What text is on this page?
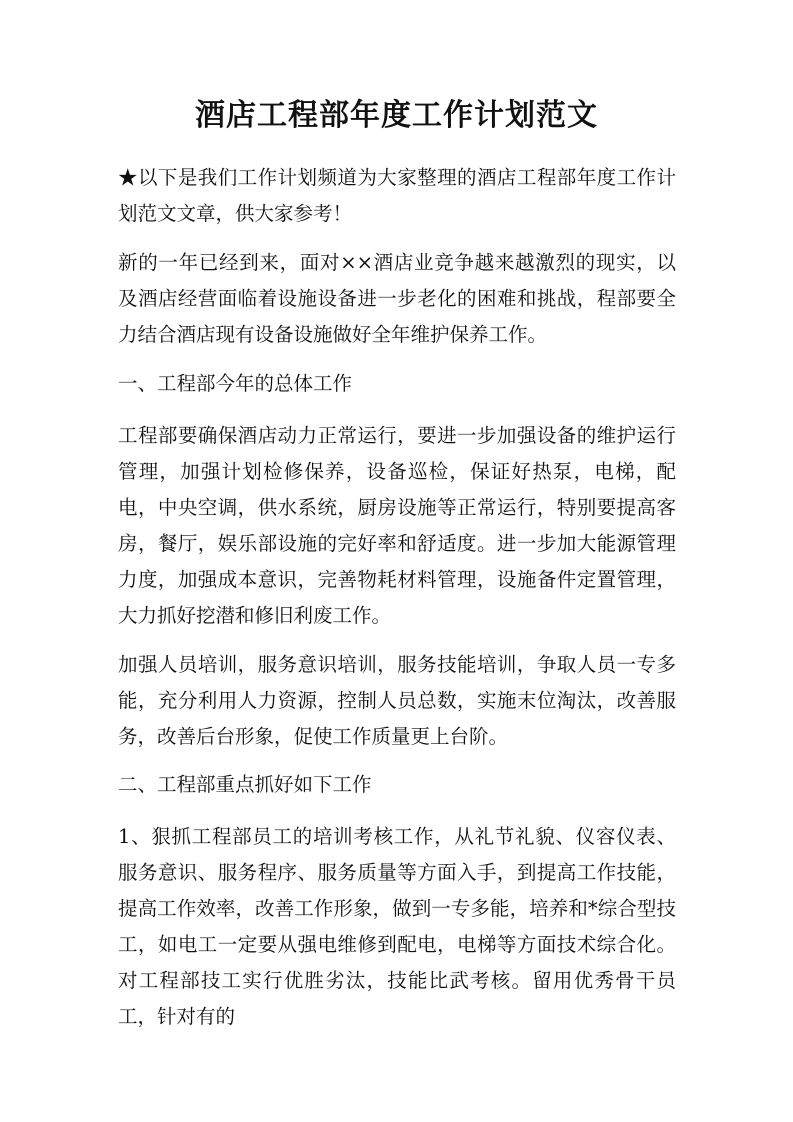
酒店工程部年度工作计划范文

★以下是我们工作计划频道为大家整理的酒店工程部年度工作计划范文文章，供大家参考！

新的一年已经到来，面对××酒店业竞争越来越激烈的现实，以及酒店经营面临着设施设备进一步老化的困难和挑战，程部要全力结合酒店现有设备设施做好全年维护保养工作。

一、工程部今年的总体工作

工程部要确保酒店动力正常运行，要进一步加强设备的维护运行管理，加强计划检修保养，设备巡检，保证好热泵，电梯，配电，中央空调，供水系统，厨房设施等正常运行，特别要提高客房，餐厅，娱乐部设施的完好率和舒适度。进一步加大能源管理力度，加强成本意识，完善物耗材料管理，设施备件定置管理，大力抓好挖潜和修旧利废工作。

加强人员培训，服务意识培训，服务技能培训，争取人员一专多能，充分利用人力资源，控制人员总数，实施末位淘汰，改善服务，改善后台形象，促使工作质量更上台阶。

二、工程部重点抓好如下工作

1、狠抓工程部员工的培训考核工作，从礼节礼貌、仪容仪表、服务意识、服务程序、服务质量等方面入手，到提高工作技能，提高工作效率，改善工作形象，做到一专多能，培养和*综合型技工，如电工一定要从强电维修到配电，电梯等方面技术综合化。对工程部技工实行优胜劣汰，技能比武考核。留用优秀骨干员工，针对有的
